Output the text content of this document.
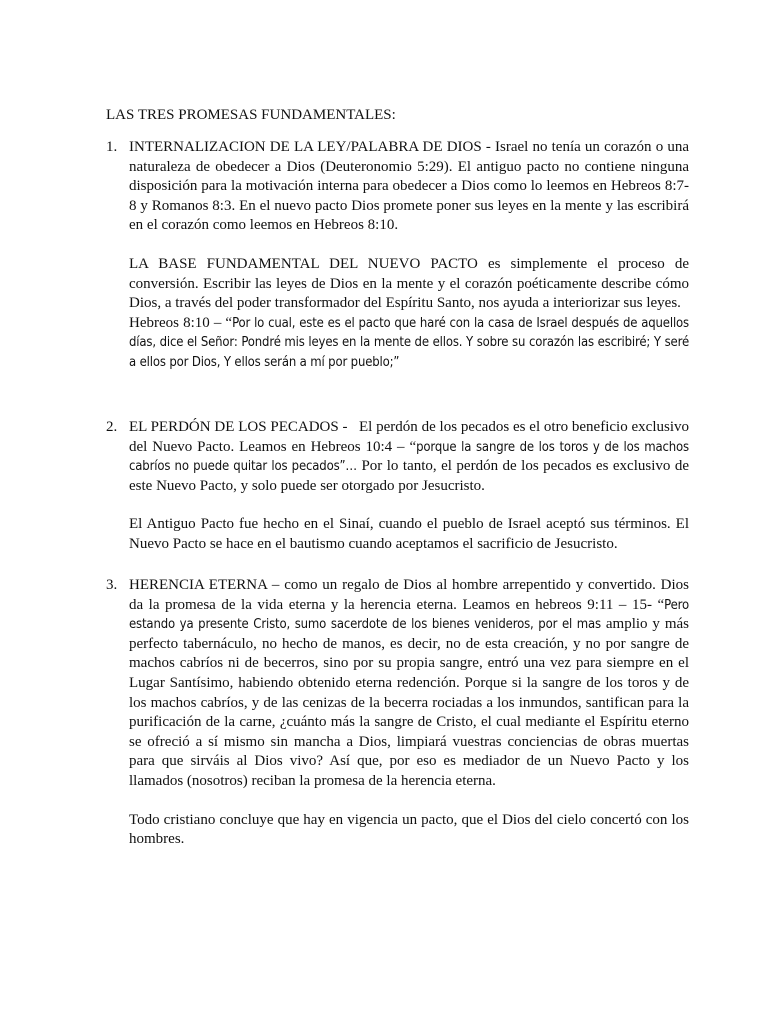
LAS TRES PROMESAS FUNDAMENTALES:

1. INTERNALIZACION DE LA LEY/PALABRA DE DIOS - Israel no tenía un corazón o una naturaleza de obedecer a Dios (Deuteronomio 5:29). El antiguo pacto no contiene ninguna disposición para la motivación interna para obedecer a Dios como lo leemos en Hebreos 8:7-8 y Romanos 8:3. En el nuevo pacto Dios promete poner sus leyes en la mente y las escribirá en el corazón como leemos en Hebreos 8:10.

LA BASE FUNDAMENTAL DEL NUEVO PACTO es simplemente el proceso de conversión. Escribir las leyes de Dios en la mente y el corazón poéticamente describe cómo Dios, a través del poder transformador del Espíritu Santo, nos ayuda a interiorizar sus leyes.

Hebreos 8:10 – “Por lo cual, este es el pacto que haré con la casa de Israel después de aquellos días, dice el Señor: Pondré mis leyes en la mente de ellos. Y sobre su corazón las escribiré; Y seré a ellos por Dios, Y ellos serán a mí por pueblo;”

2. EL PERDÓN DE LOS PECADOS -   El perdón de los pecados es el otro beneficio exclusivo del Nuevo Pacto. Leamos en Hebreos 10:4 – “porque la sangre de los toros y de los machos cabríos no puede quitar los pecados”… Por lo tanto, el perdón de los pecados es exclusivo de este Nuevo Pacto, y solo puede ser otorgado por Jesucristo.

El Antiguo Pacto fue hecho en el Sinaí, cuando el pueblo de Israel aceptó sus términos. El Nuevo Pacto se hace en el bautismo cuando aceptamos el sacrificio de Jesucristo.

3. HERENCIA ETERNA – como un regalo de Dios al hombre arrepentido y convertido. Dios da la promesa de la vida eterna y la herencia eterna. Leamos en hebreos 9:11 – 15- “Pero estando ya presente Cristo, sumo sacerdote de los bienes venideros, por el mas amplio y más perfecto tabernáculo, no hecho de manos, es decir, no de esta creación, y no por sangre de machos cabríos ni de becerros, sino por su propia sangre, entró una vez para siempre en el Lugar Santísimo, habiendo obtenido eterna redención. Porque si la sangre de los toros y de los machos cabríos, y de las cenizas de la becerra rociadas a los inmundos, santifican para la purificación de la carne, ¿cuánto más la sangre de Cristo, el cual mediante el Espíritu eterno se ofreció a sí mismo sin mancha a Dios, limpiará vuestras conciencias de obras muertas para que sirváis al Dios vivo? Así que, por eso es mediador de un Nuevo Pacto y los llamados (nosotros) reciban la promesa de la herencia eterna.

Todo cristiano concluye que hay en vigencia un pacto, que el Dios del cielo concertó con los hombres.
